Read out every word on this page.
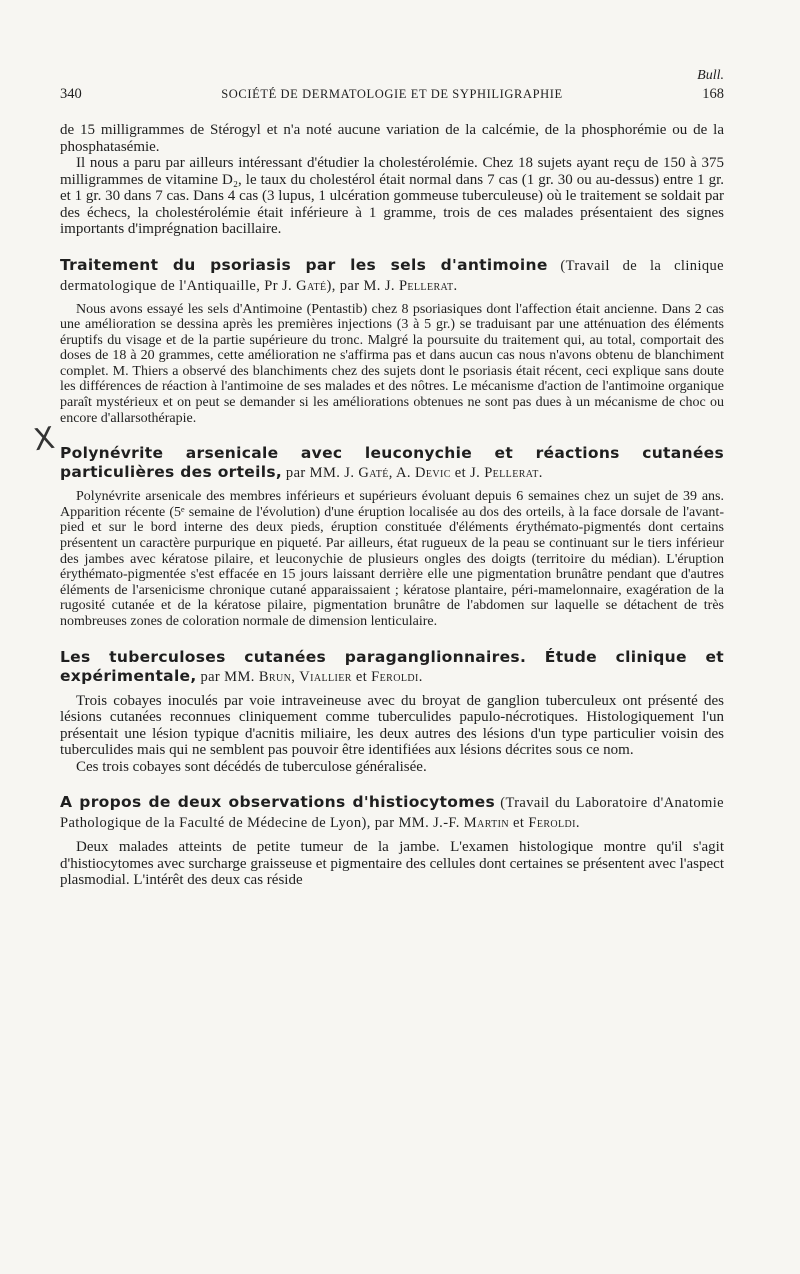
Bull.
340	SOCIÉTÉ DE DERMATOLOGIE ET DE SYPHILIGRAPHIE	168

de 15 milligrammes de Stérogyl et n'a noté aucune variation de la calcémie, de la phosphorémie ou de la phosphatasémie.

Il nous a paru par ailleurs intéressant d'étudier la cholestérolémie. Chez 18 sujets ayant reçu de 150 à 375 milligrammes de vitamine D₂, le taux du cholestérol était normal dans 7 cas (1 gr. 30 ou au-dessus) entre 1 gr. et 1 gr. 30 dans 7 cas. Dans 4 cas (3 lupus, 1 ulcération gommeuse tuberculeuse) où le traitement se soldait par des échecs, la cholestérolémie était inférieure à 1 gramme, trois de ces malades présentaient des signes importants d'imprégnation bacillaire.

Traitement du psoriasis par les sels d'antimoine (Travail de la clinique dermatologique de l'Antiquaille, Pr J. Gaté), par M. J. Pellerat.

Nous avons essayé les sels d'Antimoine (Pentastib) chez 8 psoriasiques dont l'affection était ancienne. Dans 2 cas une amélioration se dessina après les premières injections (3 à 5 gr.) se traduisant par une atténuation des éléments éruptifs du visage et de la partie supérieure du tronc. Malgré la poursuite du traitement qui, au total, comportait des doses de 18 à 20 grammes, cette amélioration ne s'affirma pas et dans aucun cas nous n'avons obtenu de blanchiment complet. M. Thiers a observé des blanchiments chez des sujets dont le psoriasis était récent, ceci explique sans doute les différences de réaction à l'antimoine de ses malades et des nôtres. Le mécanisme d'action de l'antimoine organique paraît mystérieux et on peut se demander si les améliorations obtenues ne sont pas dues à un mécanisme de choc ou encore d'allarsothérapie.

X Polynévrite arsenicale avec leuconychie et réactions cutanées particulières des orteils, par MM. J. Gaté, A. Devic et J. Pellerat.

Polynévrite arsenicale des membres inférieurs et supérieurs évoluant depuis 6 semaines chez un sujet de 39 ans. Apparition récente (5ᵉ semaine de l'évolution) d'une éruption localisée au dos des orteils, à la face dorsale de l'avant-pied et sur le bord interne des deux pieds, éruption constituée d'éléments érythémato-pigmentés dont certains présentent un caractère purpurique en piqueté. Par ailleurs, état rugueux de la peau se continuant sur le tiers inférieur des jambes avec kératose pilaire, et leuconychie de plusieurs ongles des doigts (territoire du médian). L'éruption érythémato-pigmentée s'est effacée en 15 jours laissant derrière elle une pigmentation brunâtre pendant que d'autres éléments de l'arsenicisme chronique cutané apparaissaient ; kératose plantaire, péri-mamelonnaire, exagération de la rugosité cutanée et de la kératose pilaire, pigmentation brunâtre de l'abdomen sur laquelle se détachent de très nombreuses zones de coloration normale de dimension lenticulaire.

Les tuberculoses cutanées paraganglionnaires. Étude clinique et expérimentale, par MM. Brun, Viallier et Feroldi.

Trois cobayes inoculés par voie intraveineuse avec du broyat de ganglion tuberculeux ont présenté des lésions cutanées reconnues cliniquement comme tuberculides papulo-nécrotiques. Histologiquement l'un présentait une lésion typique d'acnitis miliaire, les deux autres des lésions d'un type particulier voisin des tuberculides mais qui ne semblent pas pouvoir être identifiées aux lésions décrites sous ce nom.

Ces trois cobayes sont décédés de tuberculose généralisée.

A propos de deux observations d'histiocytomes (Travail du Laboratoire d'Anatomie Pathologique de la Faculté de Médecine de Lyon), par MM. J.-F. Martin et Feroldi.

Deux malades atteints de petite tumeur de la jambe. L'examen histologique montre qu'il s'agit d'histiocytomes avec surcharge graisseuse et pigmentaire des cellules dont certaines se présentent avec l'aspect plasmodial. L'intérêt des deux cas réside
